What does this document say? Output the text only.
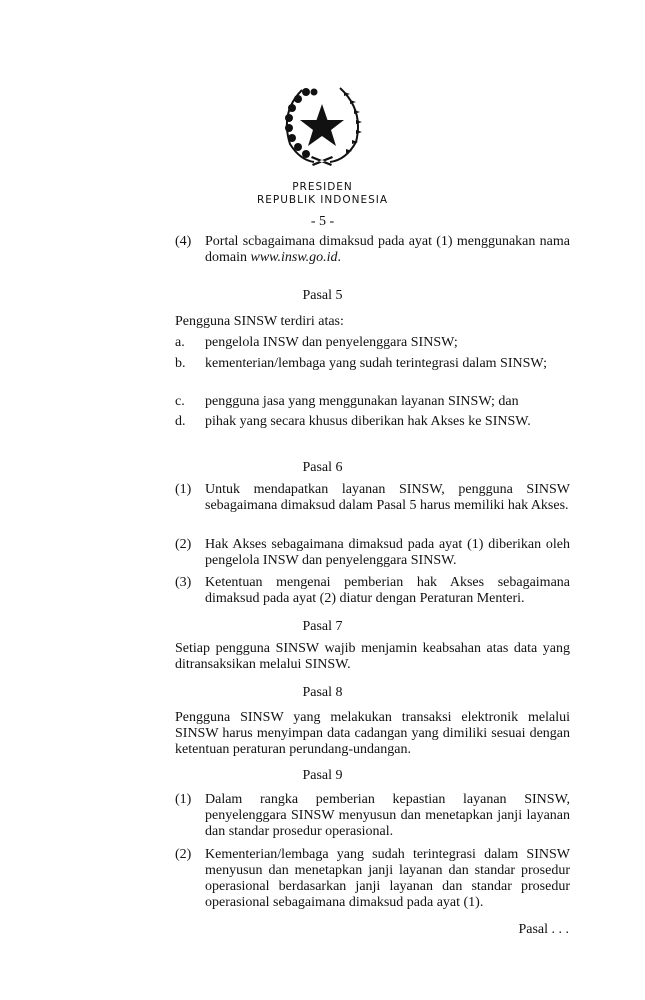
PRESIDEN
REPUBLIK INDONESIA
- 5 -
(4) Portal scbagaimana dimaksud pada ayat (1) menggunakan nama domain www.insw.go.id.
Pasal 5
Pengguna SINSW terdiri atas:
a. pengelola INSW dan penyelenggara SINSW;
b. kementerian/lembaga yang sudah terintegrasi dalam SINSW;
c. pengguna jasa yang menggunakan layanan SINSW; dan
d. pihak yang secara khusus diberikan hak Akses ke SINSW.
Pasal 6
(1) Untuk mendapatkan layanan SINSW, pengguna SINSW sebagaimana dimaksud dalam Pasal 5 harus memiliki hak Akses.
(2) Hak Akses sebagaimana dimaksud pada ayat (1) diberikan oleh pengelola INSW dan penyelenggara SINSW.
(3) Ketentuan mengenai pemberian hak Akses sebagaimana dimaksud pada ayat (2) diatur dengan Peraturan Menteri.
Pasal 7
Setiap pengguna SINSW wajib menjamin keabsahan atas data yang ditransaksikan melalui SINSW.
Pasal 8
Pengguna SINSW yang melakukan transaksi elektronik melalui SINSW harus menyimpan data cadangan yang dimiliki sesuai dengan ketentuan peraturan perundang-undangan.
Pasal 9
(1) Dalam rangka pemberian kepastian layanan SINSW, penyelenggara SINSW menyusun dan menetapkan janji layanan dan standar prosedur operasional.
(2) Kementerian/lembaga yang sudah terintegrasi dalam SINSW menyusun dan menetapkan janji layanan dan standar prosedur operasional berdasarkan janji layanan dan standar prosedur operasional sebagaimana dimaksud pada ayat (1).
Pasal . . .
